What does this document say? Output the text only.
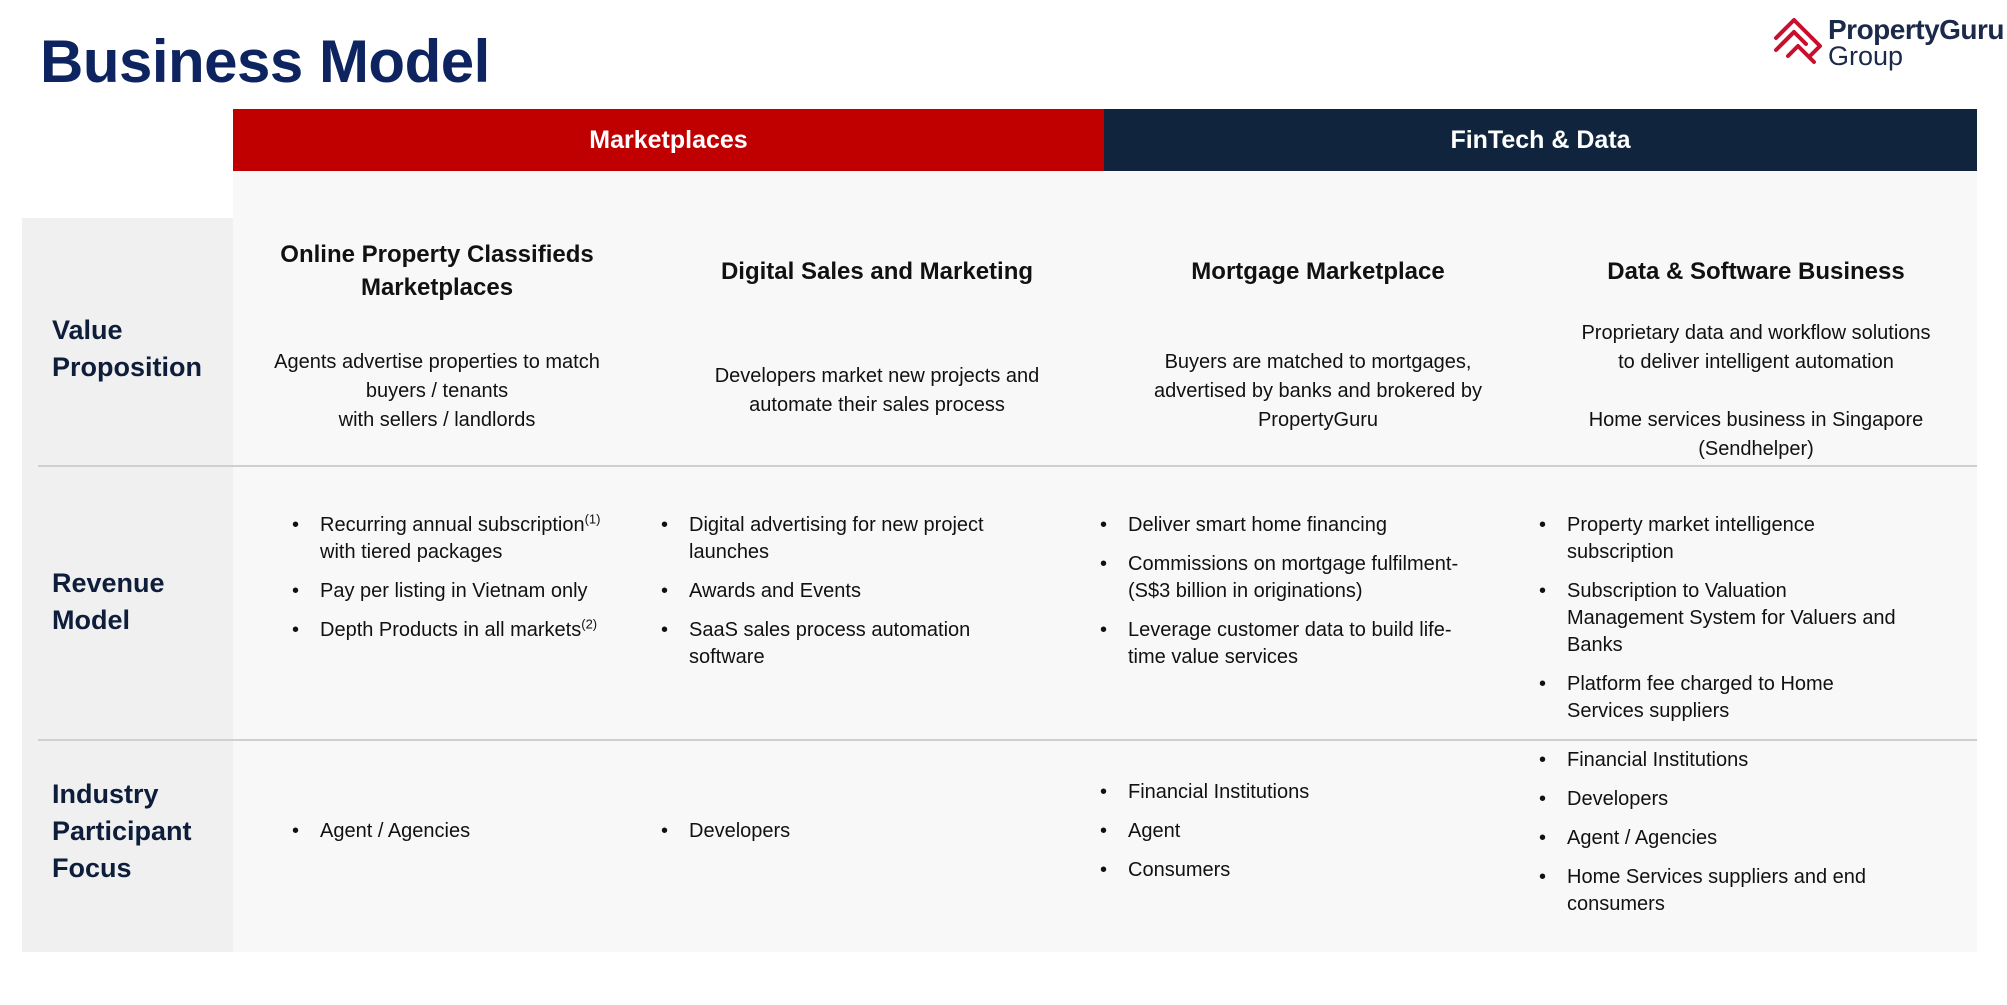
Business Model	PropertyGuru
Group
Marketplaces	FinTech & Data
Value
Proposition
Revenue
Model
Industry
Participant
Focus
Online Property Classifieds
Marketplaces
Agents advertise properties to match
buyers / tenants
with sellers / landlords
Digital Sales and Marketing
Developers market new projects and
automate their sales process
Mortgage Marketplace
Buyers are matched to mortgages,
advertised by banks and brokered by
PropertyGuru
Data & Software Business
Proprietary data and workflow solutions
to deliver intelligent automation
Home services business in Singapore
(Sendhelper)
• Recurring annual subscription$^{(1)}$
with tiered packages
• Pay per listing in Vietnam only
• Depth Products in all markets$^{(2)}$
• Digital advertising for new project
launches
• Awards and Events
• SaaS sales process automation
software
• Deliver smart home financing
• Commissions on mortgage fulfilment-
(S$3 billion in originations)
• Leverage customer data to build life-
time value services
• Property market intelligence
subscription
• Subscription to Valuation
Management System for Valuers and
Banks
• Platform fee charged to Home
Services suppliers
• Agent / Agencies
•	Developers
• Financial Institutions
• Agent
• Consumers
• Financial Institutions
• Developers
• Agent / Agencies
• Home Services suppliers and end
consumers
